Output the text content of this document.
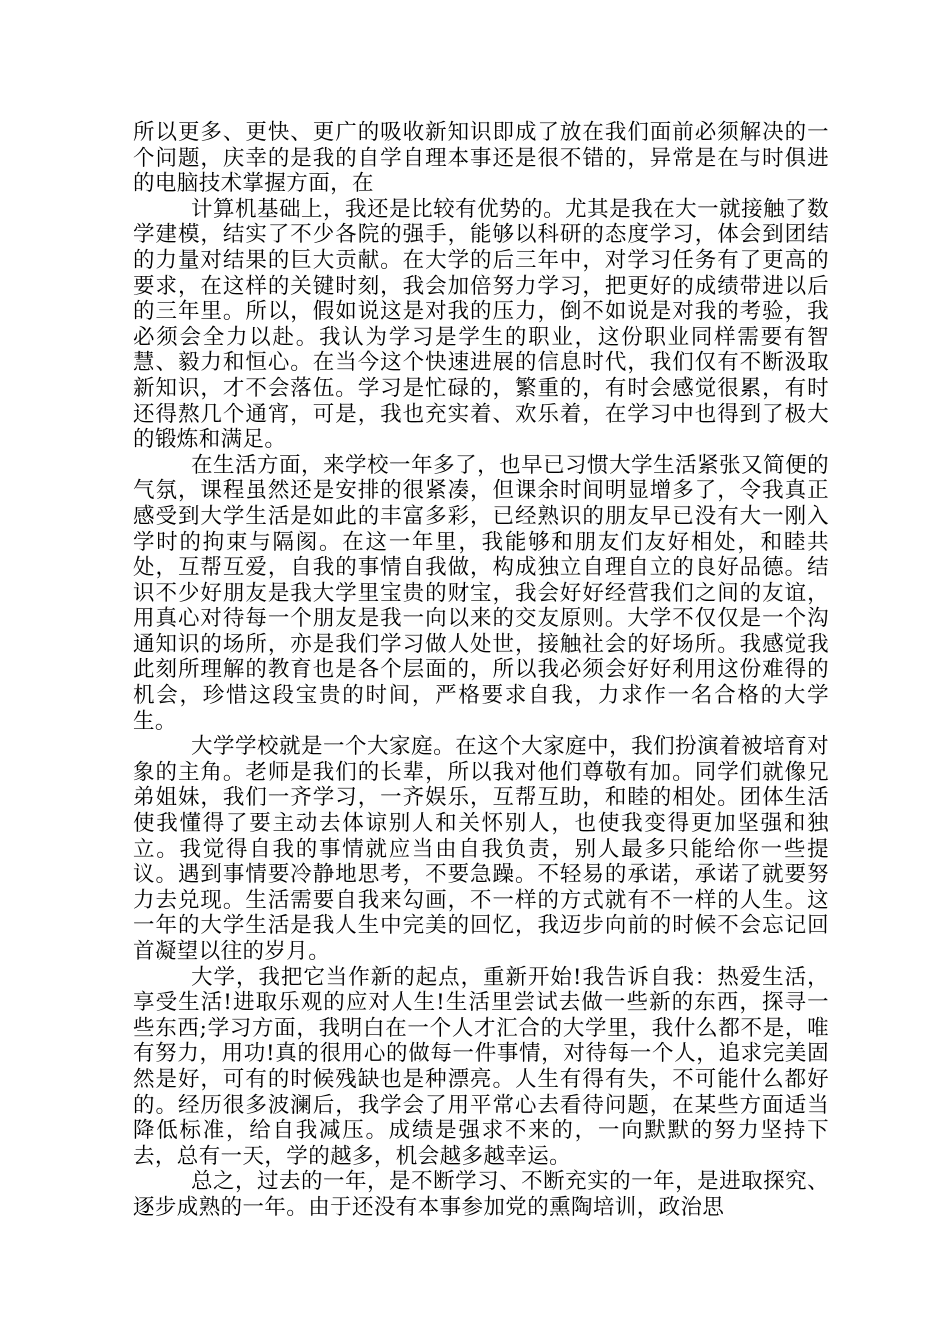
所以更多、更快、更广的吸收新知识即成了放在我们面前必须解决的一个问题，庆幸的是我的自学自理本事还是很不错的，异常是在与时俱进的电脑技术掌握方面，在

计算机基础上，我还是比较有优势的。尤其是我在大一就接触了数学建模，结实了不少各院的强手，能够以科研的态度学习，体会到团结的力量对结果的巨大贡献。在大学的后三年中，对学习任务有了更高的要求，在这样的关键时刻，我会加倍努力学习，把更好的成绩带进以后的三年里。所以，假如说这是对我的压力，倒不如说是对我的考验，我必须会全力以赴。我认为学习是学生的职业，这份职业同样需要有智慧、毅力和恒心。在当今这个快速进展的信息时代，我们仅有不断汲取新知识，才不会落伍。学习是忙碌的，繁重的，有时会感觉很累，有时还得熬几个通宵，可是，我也充实着、欢乐着，在学习中也得到了极大的锻炼和满足。

在生活方面，来学校一年多了，也早已习惯大学生活紧张又简便的气氛，课程虽然还是安排的很紧凑，但课余时间明显增多了，令我真正感受到大学生活是如此的丰富多彩，已经熟识的朋友早已没有大一刚入学时的拘束与隔阂。在这一年里，我能够和朋友们友好相处，和睦共处，互帮互爱，自我的事情自我做，构成独立自理自立的良好品德。结识不少好朋友是我大学里宝贵的财宝，我会好好经营我们之间的友谊，用真心对待每一个朋友是我一向以来的交友原则。大学不仅仅是一个沟通知识的场所，亦是我们学习做人处世，接触社会的好场所。我感觉我此刻所理解的教育也是各个层面的，所以我必须会好好利用这份难得的机会，珍惜这段宝贵的时间，严格要求自我，力求作一名合格的大学生。

大学学校就是一个大家庭。在这个大家庭中，我们扮演着被培育对象的主角。老师是我们的长辈，所以我对他们尊敬有加。同学们就像兄弟姐妹，我们一齐学习，一齐娱乐，互帮互助，和睦的相处。团体生活使我懂得了要主动去体谅别人和关怀别人，也使我变得更加坚强和独立。我觉得自我的事情就应当由自我负责，别人最多只能给你一些提议。遇到事情要冷静地思考，不要急躁。不轻易的承诺，承诺了就要努力去兑现。生活需要自我来勾画，不一样的方式就有不一样的人生。这一年的大学生活是我人生中完美的回忆，我迈步向前的时候不会忘记回首凝望以往的岁月。

大学，我把它当作新的起点，重新开始!我告诉自我：热爱生活，享受生活!进取乐观的应对人生!生活里尝试去做一些新的东西，探寻一些东西;学习方面，我明白在一个人才汇合的大学里，我什么都不是，唯有努力，用功!真的很用心的做每一件事情，对待每一个人，追求完美固然是好，可有的时候残缺也是种漂亮。人生有得有失，不可能什么都好的。经历很多波澜后，我学会了用平常心去看待问题，在某些方面适当降低标准，给自我减压。成绩是强求不来的，一向默默的努力坚持下去，总有一天，学的越多，机会越多越幸运。

总之，过去的一年，是不断学习、不断充实的一年，是进取探究、逐步成熟的一年。由于还没有本事参加党的熏陶培训，政治思
